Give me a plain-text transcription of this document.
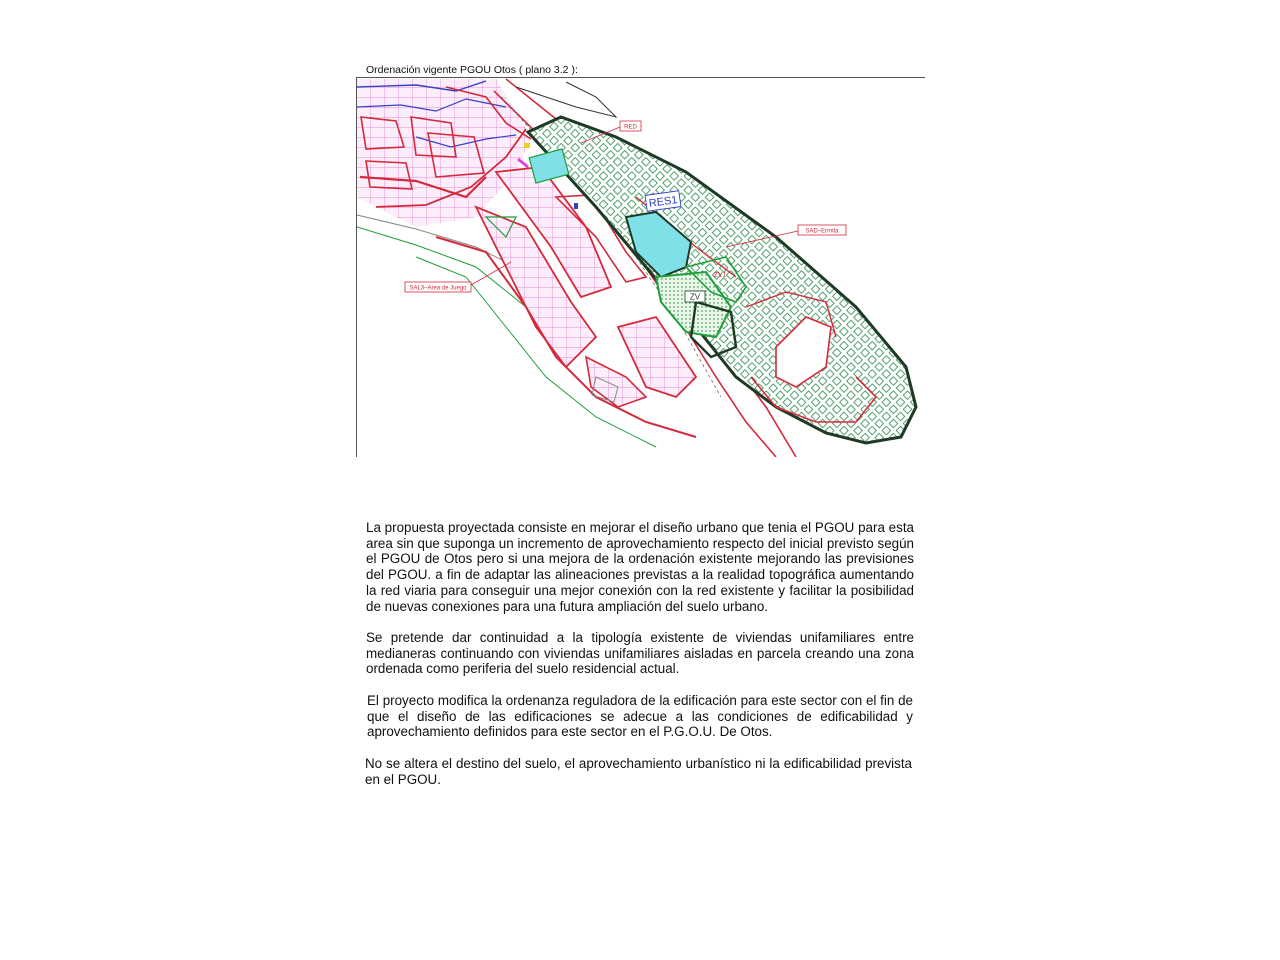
Ordenación vigente PGOU Otos ( plano 3.2 ):
RED
RES1
SAD–Ermita
SAL3–Area de Juego
ZV
ZV1

La propuesta proyectada consiste en mejorar el diseño urbano que tenia el PGOU para esta area sin que suponga un incremento de aprovechamiento respecto del inicial previsto según el PGOU de Otos pero si una mejora de la ordenación existente mejorando las previsiones del PGOU. a fin de adaptar las alineaciones previstas a la realidad topográfica aumentando la red viaria para conseguir una mejor conexión con la red existente y facilitar la posibilidad de nuevas conexiones para una futura ampliación del suelo urbano.

Se pretende dar continuidad a la tipología existente de viviendas unifamiliares entre medianeras continuando con viviendas unifamiliares aisladas en parcela creando una zona ordenada como periferia del suelo residencial actual.

El proyecto modifica la ordenanza reguladora de la edificación para este sector con el fin de que el diseño de las edificaciones se adecue a las condiciones de edificabilidad y aprovechamiento definidos para este sector en el P.G.O.U. De Otos.

No se altera el destino del suelo, el aprovechamiento urbanístico ni la edificabilidad prevista en el PGOU.
